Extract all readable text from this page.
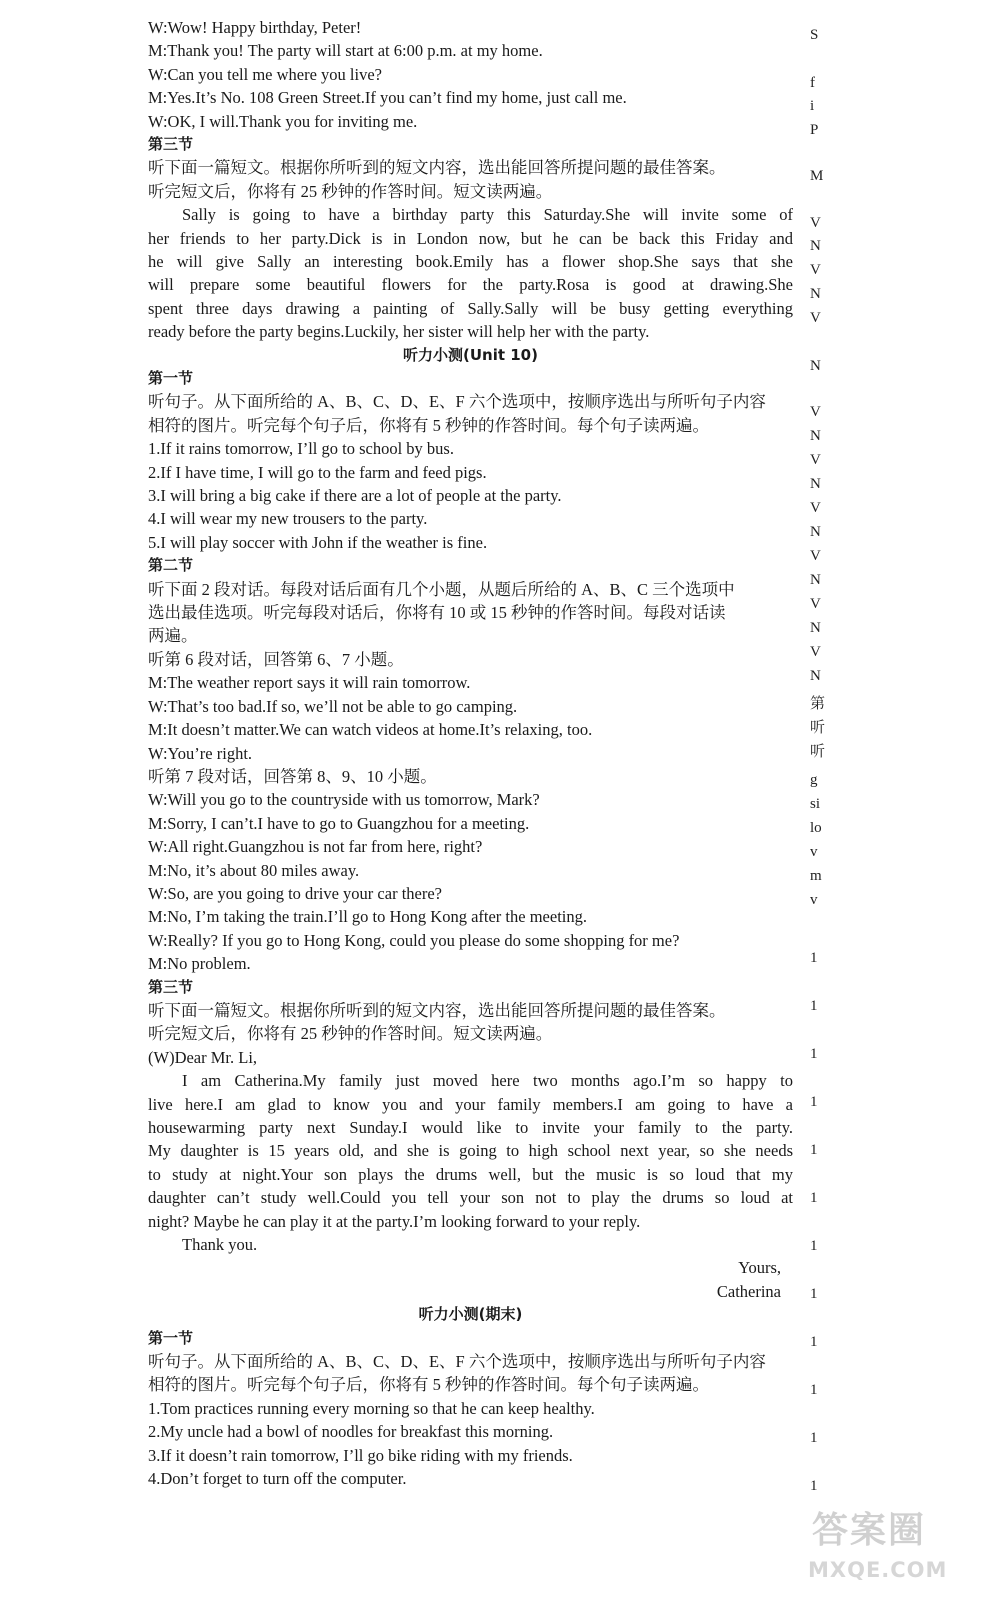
W:Wow! Happy birthday, Peter!
M:Thank you! The party will start at 6:00 p.m. at my home.
W:Can you tell me where you live?
M:Yes.It’s No. 108 Green Street.If you can’t find my home, just call me.
W:OK, I will.Thank you for inviting me.
第三节
听下面一篇短文。根据你所听到的短文内容，选出能回答所提问题的最佳答案。
听完短文后，你将有 25 秒钟的作答时间。短文读两遍。
Sally is going to have a birthday party this Saturday.She will invite some of
her friends to her party.Dick is in London now, but he can be back this Friday and
he will give Sally an interesting book.Emily has a flower shop.She says that she
will prepare some beautiful flowers for the party.Rosa is good at drawing.She
spent three days drawing a painting of Sally.Sally will be busy getting everything
ready before the party begins.Luckily, her sister will help her with the party.
听力小测(Unit 10)
第一节
听句子。从下面所给的 A、B、C、D、E、F 六个选项中，按顺序选出与所听句子内容
相符的图片。听完每个句子后，你将有 5 秒钟的作答时间。每个句子读两遍。
1.If it rains tomorrow, I’ll go to school by bus.
2.If I have time, I will go to the farm and feed pigs.
3.I will bring a big cake if there are a lot of people at the party.
4.I will wear my new trousers to the party.
5.I will play soccer with John if the weather is fine.
第二节
听下面 2 段对话。每段对话后面有几个小题，从题后所给的 A、B、C 三个选项中
选出最佳选项。听完每段对话后，你将有 10 或 15 秒钟的作答时间。每段对话读
两遍。
听第 6 段对话，回答第 6、7 小题。
M:The weather report says it will rain tomorrow.
W:That’s too bad.If so, we’ll not be able to go camping.
M:It doesn’t matter.We can watch videos at home.It’s relaxing, too.
W:You’re right.
听第 7 段对话，回答第 8、9、10 小题。
W:Will you go to the countryside with us tomorrow, Mark?
M:Sorry, I can’t.I have to go to Guangzhou for a meeting.
W:All right.Guangzhou is not far from here, right?
M:No, it’s about 80 miles away.
W:So, are you going to drive your car there?
M:No, I’m taking the train.I’ll go to Hong Kong after the meeting.
W:Really? If you go to Hong Kong, could you please do some shopping for me?
M:No problem.
第三节
听下面一篇短文。根据你所听到的短文内容，选出能回答所提问题的最佳答案。
听完短文后，你将有 25 秒钟的作答时间。短文读两遍。
(W)Dear Mr. Li,
I am Catherina.My family just moved here two months ago.I’m so happy to
live here.I am glad to know you and your family members.I am going to have a
housewarming party next Sunday.I would like to invite your family to the party.
My daughter is 15 years old, and she is going to high school next year, so she needs
to study at night.Your son plays the drums well, but the music is so loud that my
daughter can’t study well.Could you tell your son not to play the drums so loud at
night? Maybe he can play it at the party.I’m looking forward to your reply.
Thank you.
Yours,
Catherina
听力小测(期末)
第一节
听句子。从下面所给的 A、B、C、D、E、F 六个选项中，按顺序选出与所听句子内容
相符的图片。听完每个句子后，你将有 5 秒钟的作答时间。每个句子读两遍。
1.Tom practices running every morning so that he can keep healthy.
2.My uncle had a bowl of noodles for breakfast this morning.
3.If it doesn’t rain tomorrow, I’ll go bike riding with my friends.
4.Don’t forget to turn off the computer.
S
f
i
P
M
V
N
V
N
V
N
V
N
V
N
V
N
V
N
V
N
V
N
第
听
听
g
si
lo
v
m
v
1
1
1
1
1
1
1
1
1
1
1
1
答案圈
MXQE.COM
